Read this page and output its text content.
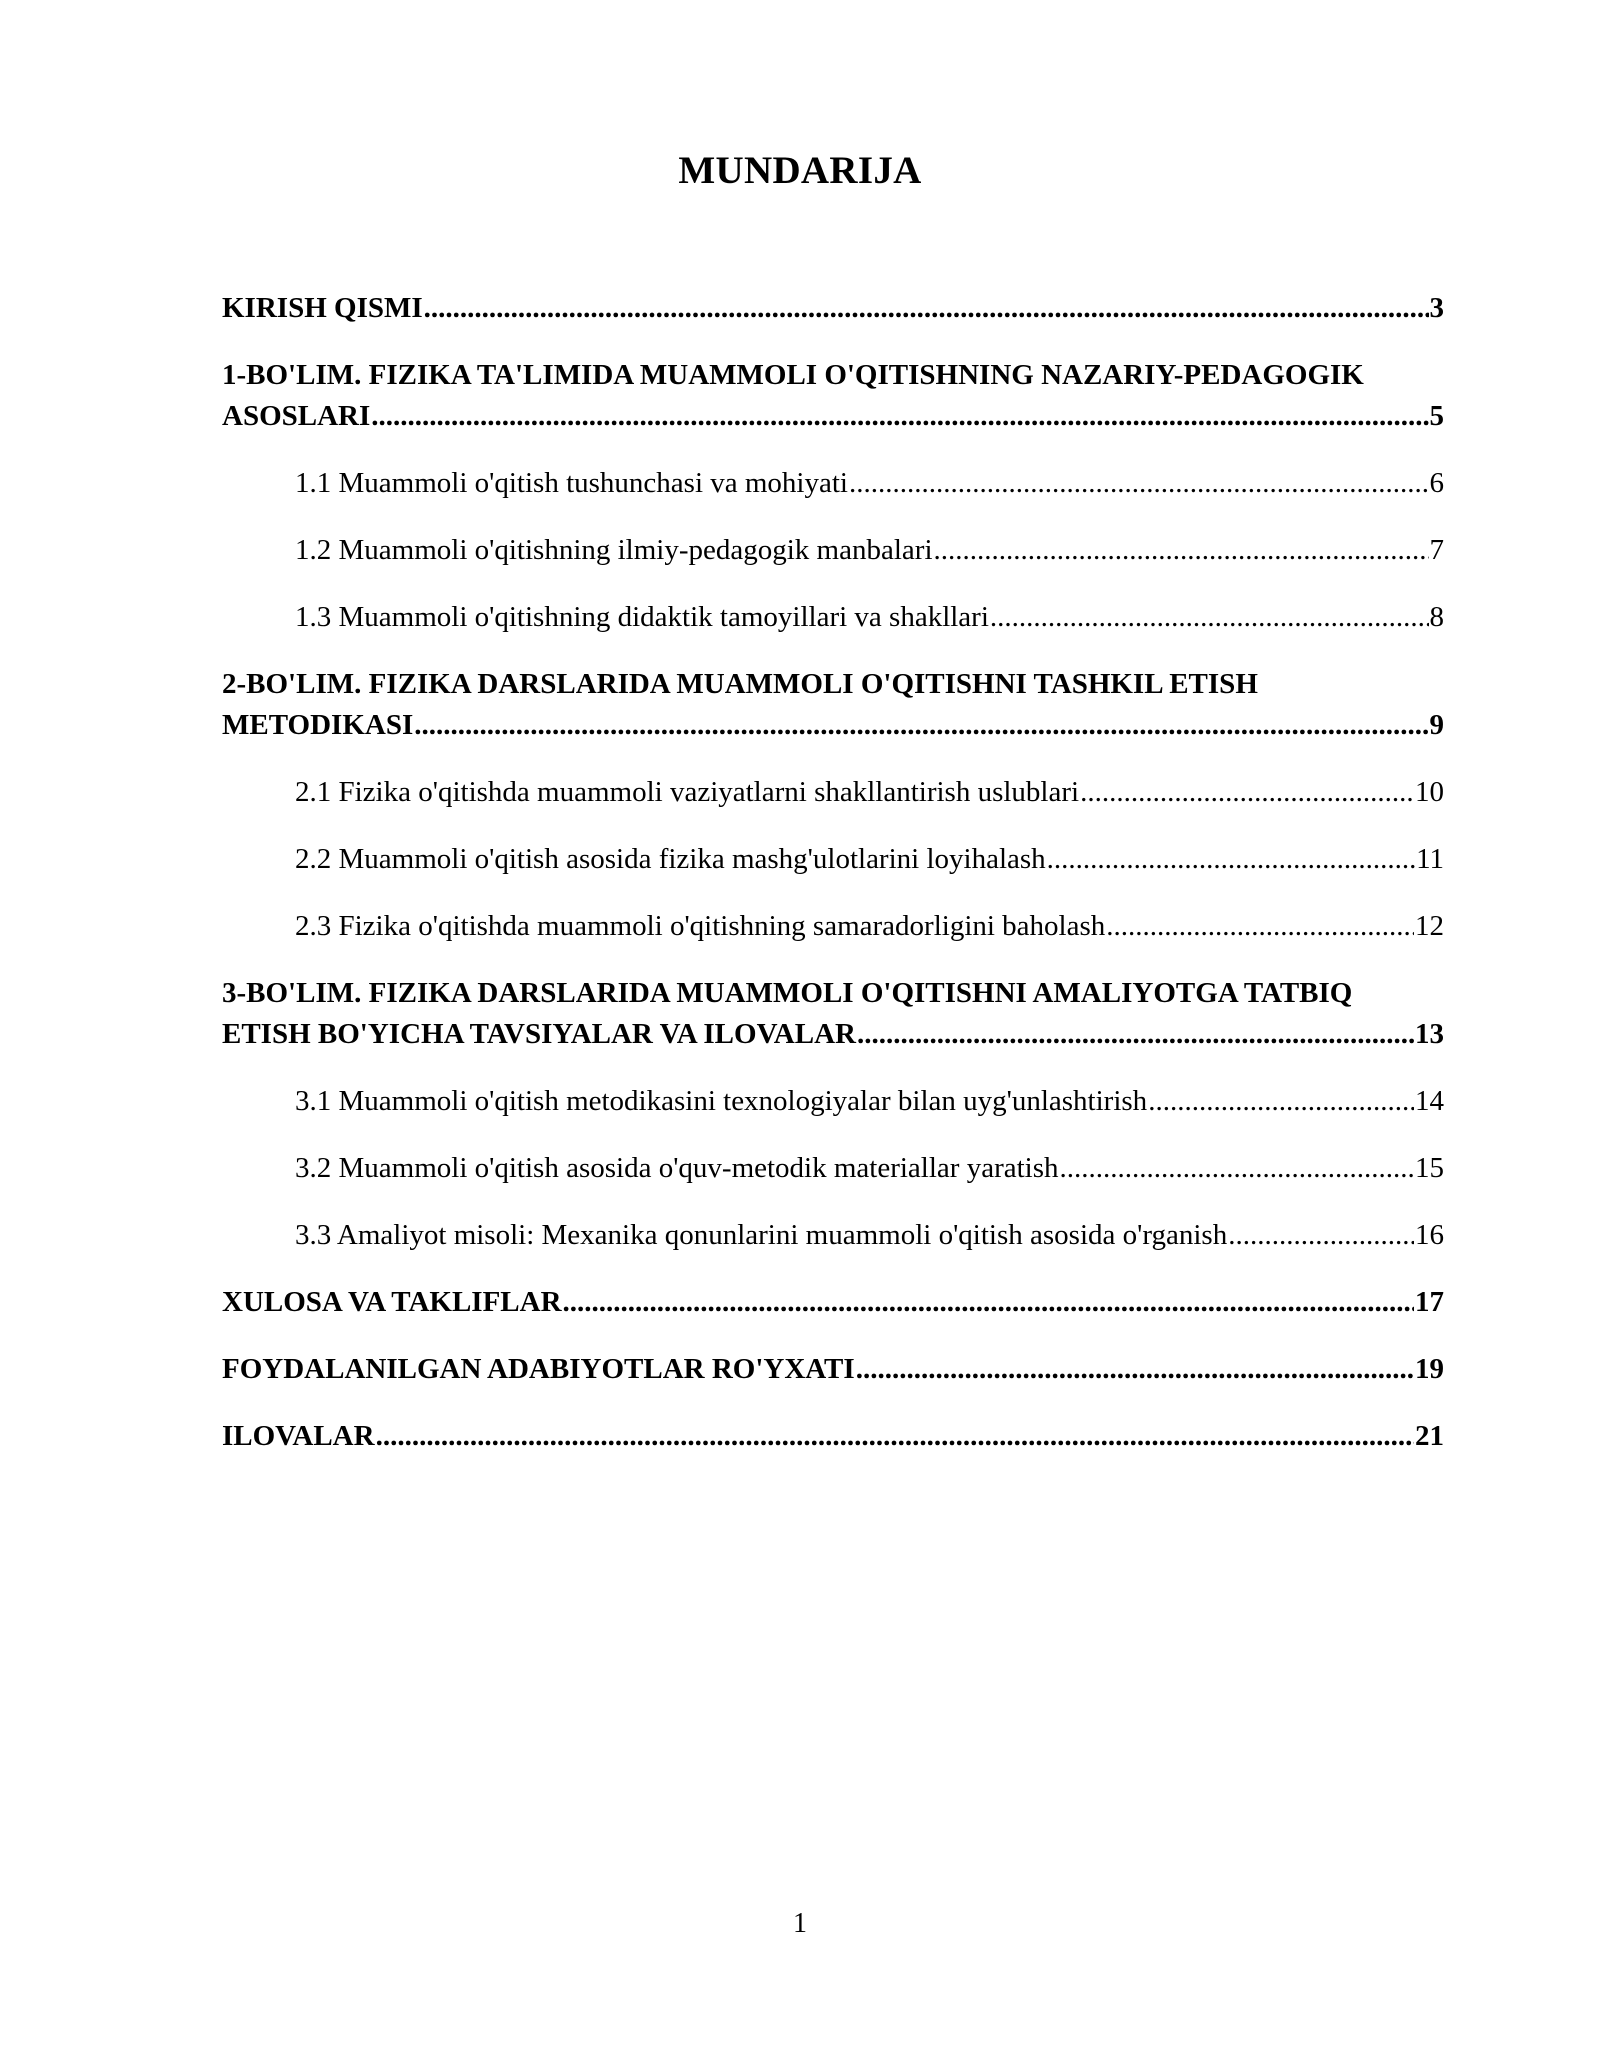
MUNDARIJA
KIRISH QISMI .....	3
1-BO'LIM. FIZIKA TA'LIMIDA MUAMMOLI O'QITISHNING NAZARIY-PEDAGOGIK
ASOSLARI .....	5
1.1 Muammoli o'qitish tushunchasi va mohiyati .....	6
1.2 Muammoli o'qitishning ilmiy-pedagogik manbalari .....	7
1.3 Muammoli o'qitishning didaktik tamoyillari va shakllari .....	8
2-BO'LIM. FIZIKA DARSLARIDA MUAMMOLI O'QITISHNI TASHKIL ETISH
METODIKASI .....	9
2.1 Fizika o'qitishda muammoli vaziyatlarni shakllantirish uslublari .....	10
2.2 Muammoli o'qitish asosida fizika mashg'ulotlarini loyihalash .....	11
2.3 Fizika o'qitishda muammoli o'qitishning samaradorligini baholash .....	12
3-BO'LIM. FIZIKA DARSLARIDA MUAMMOLI O'QITISHNI AMALIYOTGA TATBIQ
ETISH BO'YICHA TAVSIYALAR VA ILOVALAR .....	13
3.1 Muammoli o'qitish metodikasini texnologiyalar bilan uyg'unlashtirish .....	14
3.2 Muammoli o'qitish asosida o'quv-metodik materiallar yaratish .....	15
3.3 Amaliyot misoli: Mexanika qonunlarini muammoli o'qitish asosida o'rganish .....	16
XULOSA VA TAKLIFLAR .....	17
FOYDALANILGAN ADABIYOTLAR RO'YXATI .....	19
ILOVALAR .....	21
1
